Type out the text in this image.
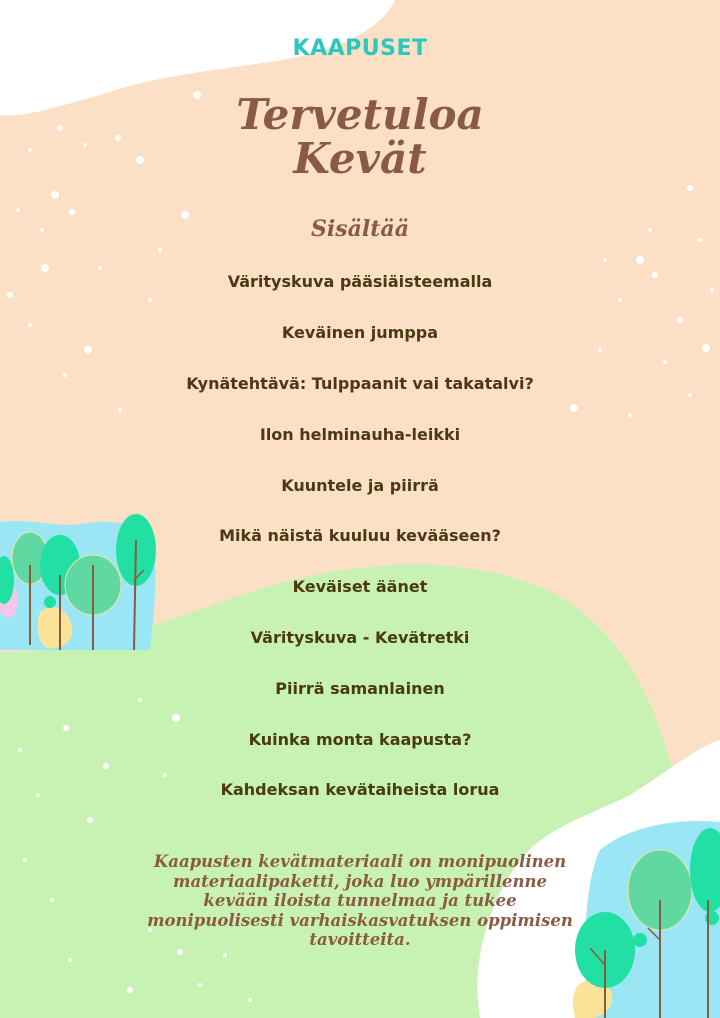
KAAPUSET
Tervetuloa
Kevät
Sisältää
Värityskuva pääsiäisteemalla
Keväinen jumppa
Kynätehtävä: Tulppaanit vai takatalvi?
Ilon helminauha-leikki
Kuuntele ja piirrä
Mikä näistä kuuluu kevääseen?
Keväiset äänet
Värityskuva - Kevätretki
Piirrä samanlainen
Kuinka monta kaapusta?
Kahdeksan kevätaiheista lorua
Kaapusten kevätmateriaali on monipuolinen materiaalipaketti, joka luo ympärillenne kevään iloista tunnelmaa ja tukee monipuolisesti varhaiskasvatuksen oppimisen tavoitteita.
